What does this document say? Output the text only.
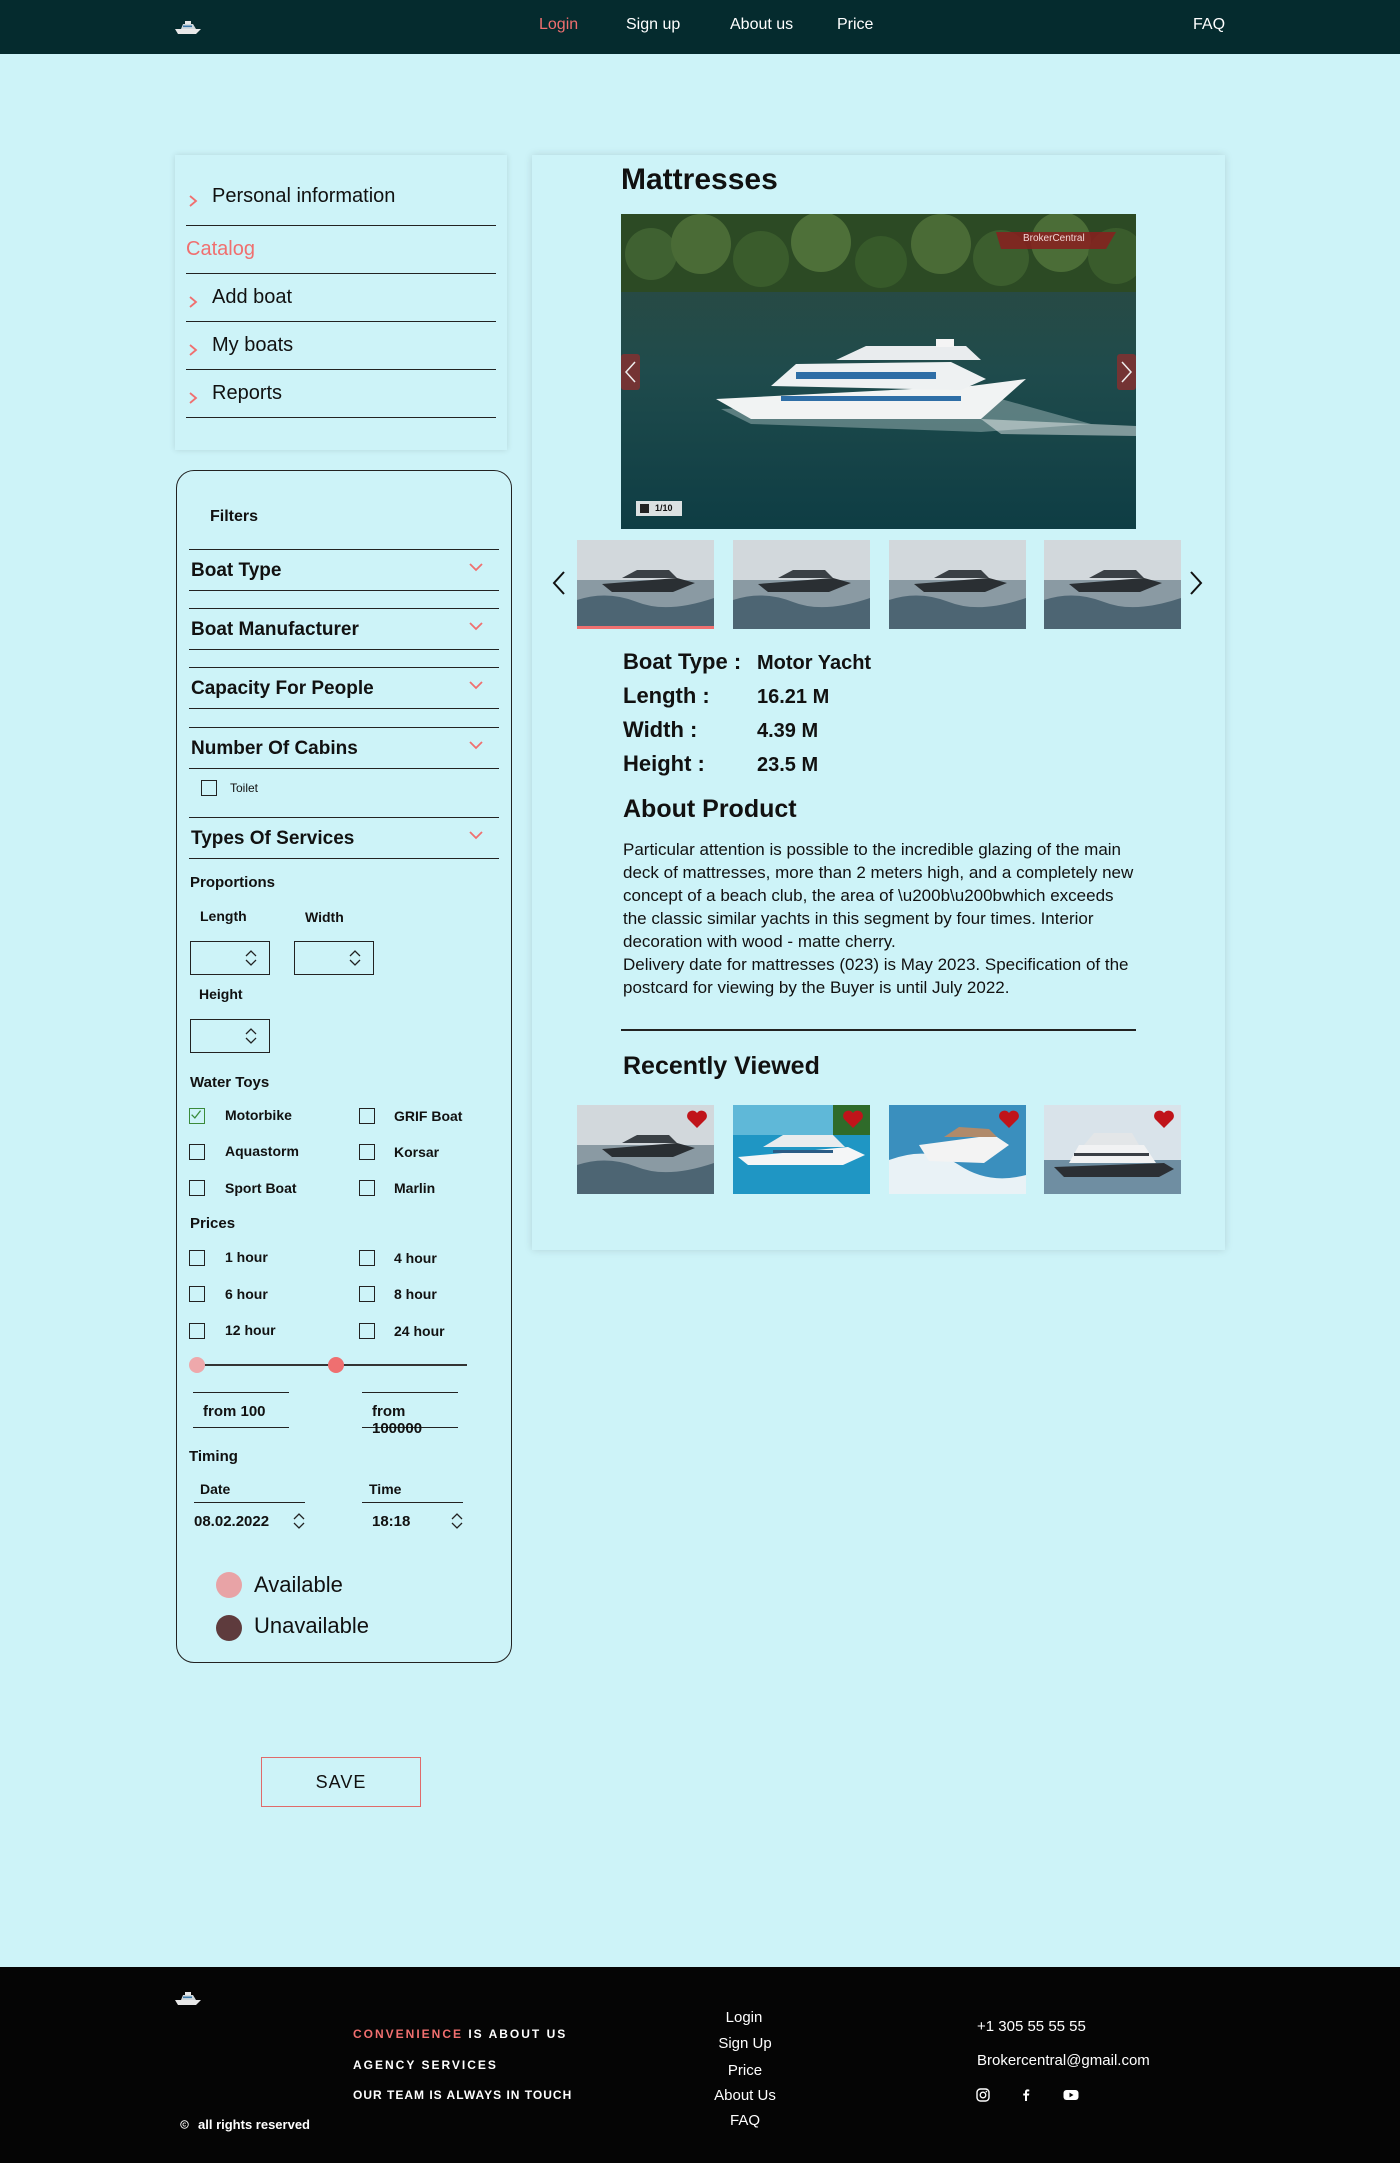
Login	Sign up	About us	Price	FAQ
Personal information
Catalog
Add boat
My boats
Reports
Filters
Boat Type
Boat Manufacturer
Capacity For People
Number Of Cabins
Toilet
Types Of Services
Proportions
Length	Width
Height
Water Toys
Motorbike	GRIF Boat
Aquastorm	Korsar
Sport Boat	Marlin
Prices
1 hour	4 hour
6 hour	8 hour
12 hour	24 hour
from 100	from 100000
Timing
Date	Time
08.02.2022	18:18
Available
Unavailable
SAVE
Mattresses
BrokerCentral
1/10
Boat Type : Motor Yacht
Length : 16.21 M
Width :	4.39 M
Height :	23.5 M
About Product

Particular attention is possible to the incredible glazing of the main deck of mattresses, more than 2 meters high, and a completely new concept of a beach club, the area of \u200b\u200bwhich exceeds the classic similar yachts in this segment by four times. Interior decoration with wood - matte cherry.

Delivery date for mattresses (023) is May 2023. Specification of the postcard for viewing by the Buyer is until July 2022.

Recently Viewed
CONVENIENCE IS ABOUT US
AGENCY SERVICES
OUR TEAM IS ALWAYS IN TOUCH
Login
Sign Up
Price
About Us
FAQ
+1 305 55 55 55
Brokercentral@gmail.com
all rights reserved
